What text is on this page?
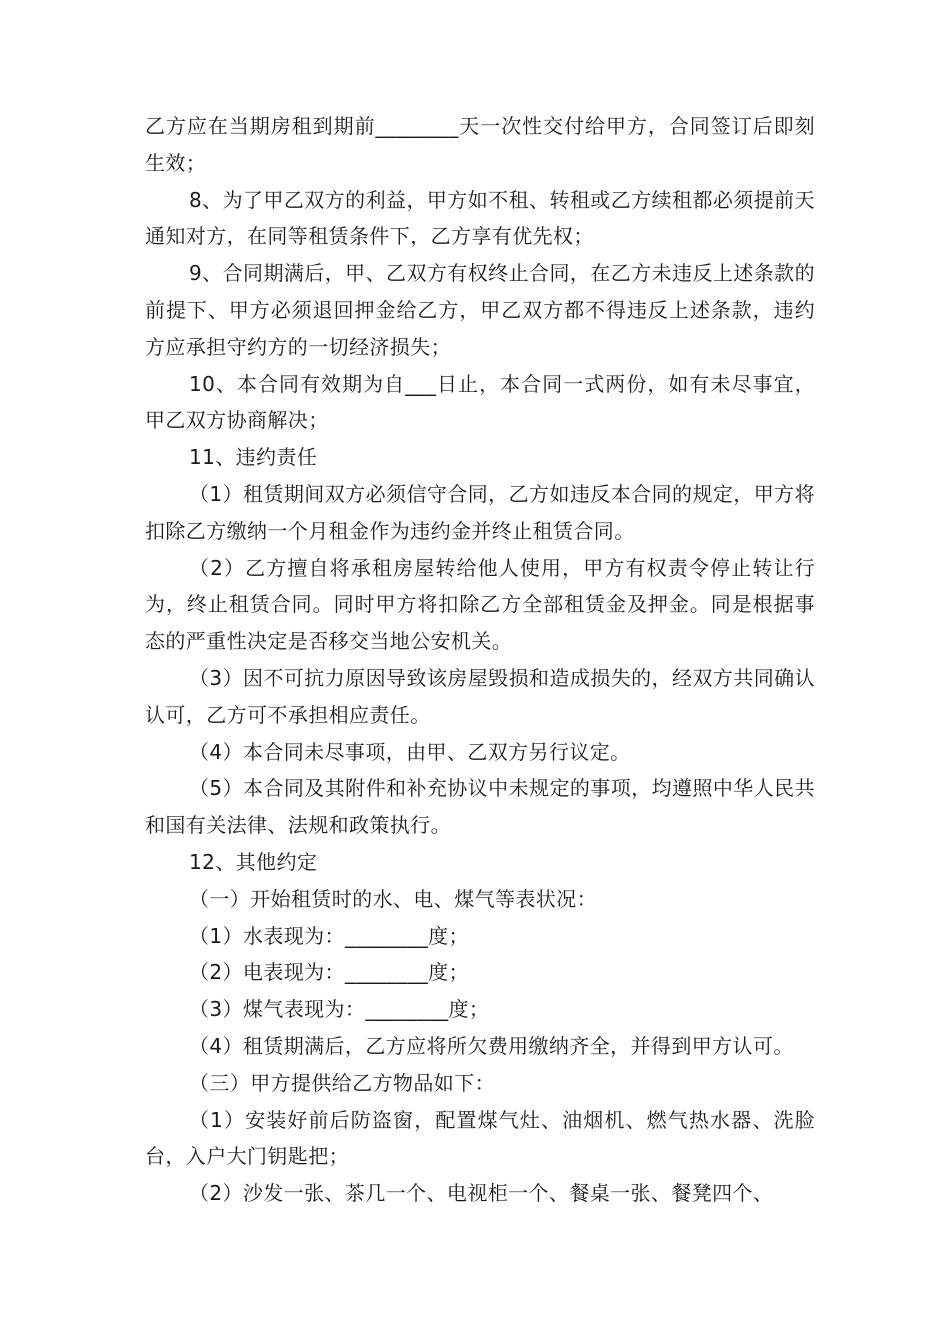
乙方应在当期房租到期前________天一次性交付给甲方，合同签订后即刻生效；

8、为了甲乙双方的利益，甲方如不租、转租或乙方续租都必须提前天通知对方，在同等租赁条件下，乙方享有优先权；

9、合同期满后，甲、乙双方有权终止合同，在乙方未违反上述条款的前提下、甲方必须退回押金给乙方，甲乙双方都不得违反上述条款，违约方应承担守约方的一切经济损失；

10、本合同有效期为自___日止，本合同一式两份，如有未尽事宜，甲乙双方协商解决；

11、违约责任

（1）租赁期间双方必须信守合同，乙方如违反本合同的规定，甲方将扣除乙方缴纳一个月租金作为违约金并终止租赁合同。

（2）乙方擅自将承租房屋转给他人使用，甲方有权责令停止转让行为，终止租赁合同。同时甲方将扣除乙方全部租赁金及押金。同是根据事态的严重性决定是否移交当地公安机关。

（3）因不可抗力原因导致该房屋毁损和造成损失的，经双方共同确认认可，乙方可不承担相应责任。

（4）本合同未尽事项，由甲、乙双方另行议定。

（5）本合同及其附件和补充协议中未规定的事项，均遵照中华人民共和国有关法律、法规和政策执行。

12、其他约定

（一）开始租赁时的水、电、煤气等表状况：

（1）水表现为：________度；

（2）电表现为：________度；

（3）煤气表现为：________度；

（4）租赁期满后，乙方应将所欠费用缴纳齐全，并得到甲方认可。

（三）甲方提供给乙方物品如下：

（1）安装好前后防盗窗，配置煤气灶、油烟机、燃气热水器、洗脸台，入户大门钥匙把；

（2）沙发一张、茶几一个、电视柜一个、餐桌一张、餐凳四个、
